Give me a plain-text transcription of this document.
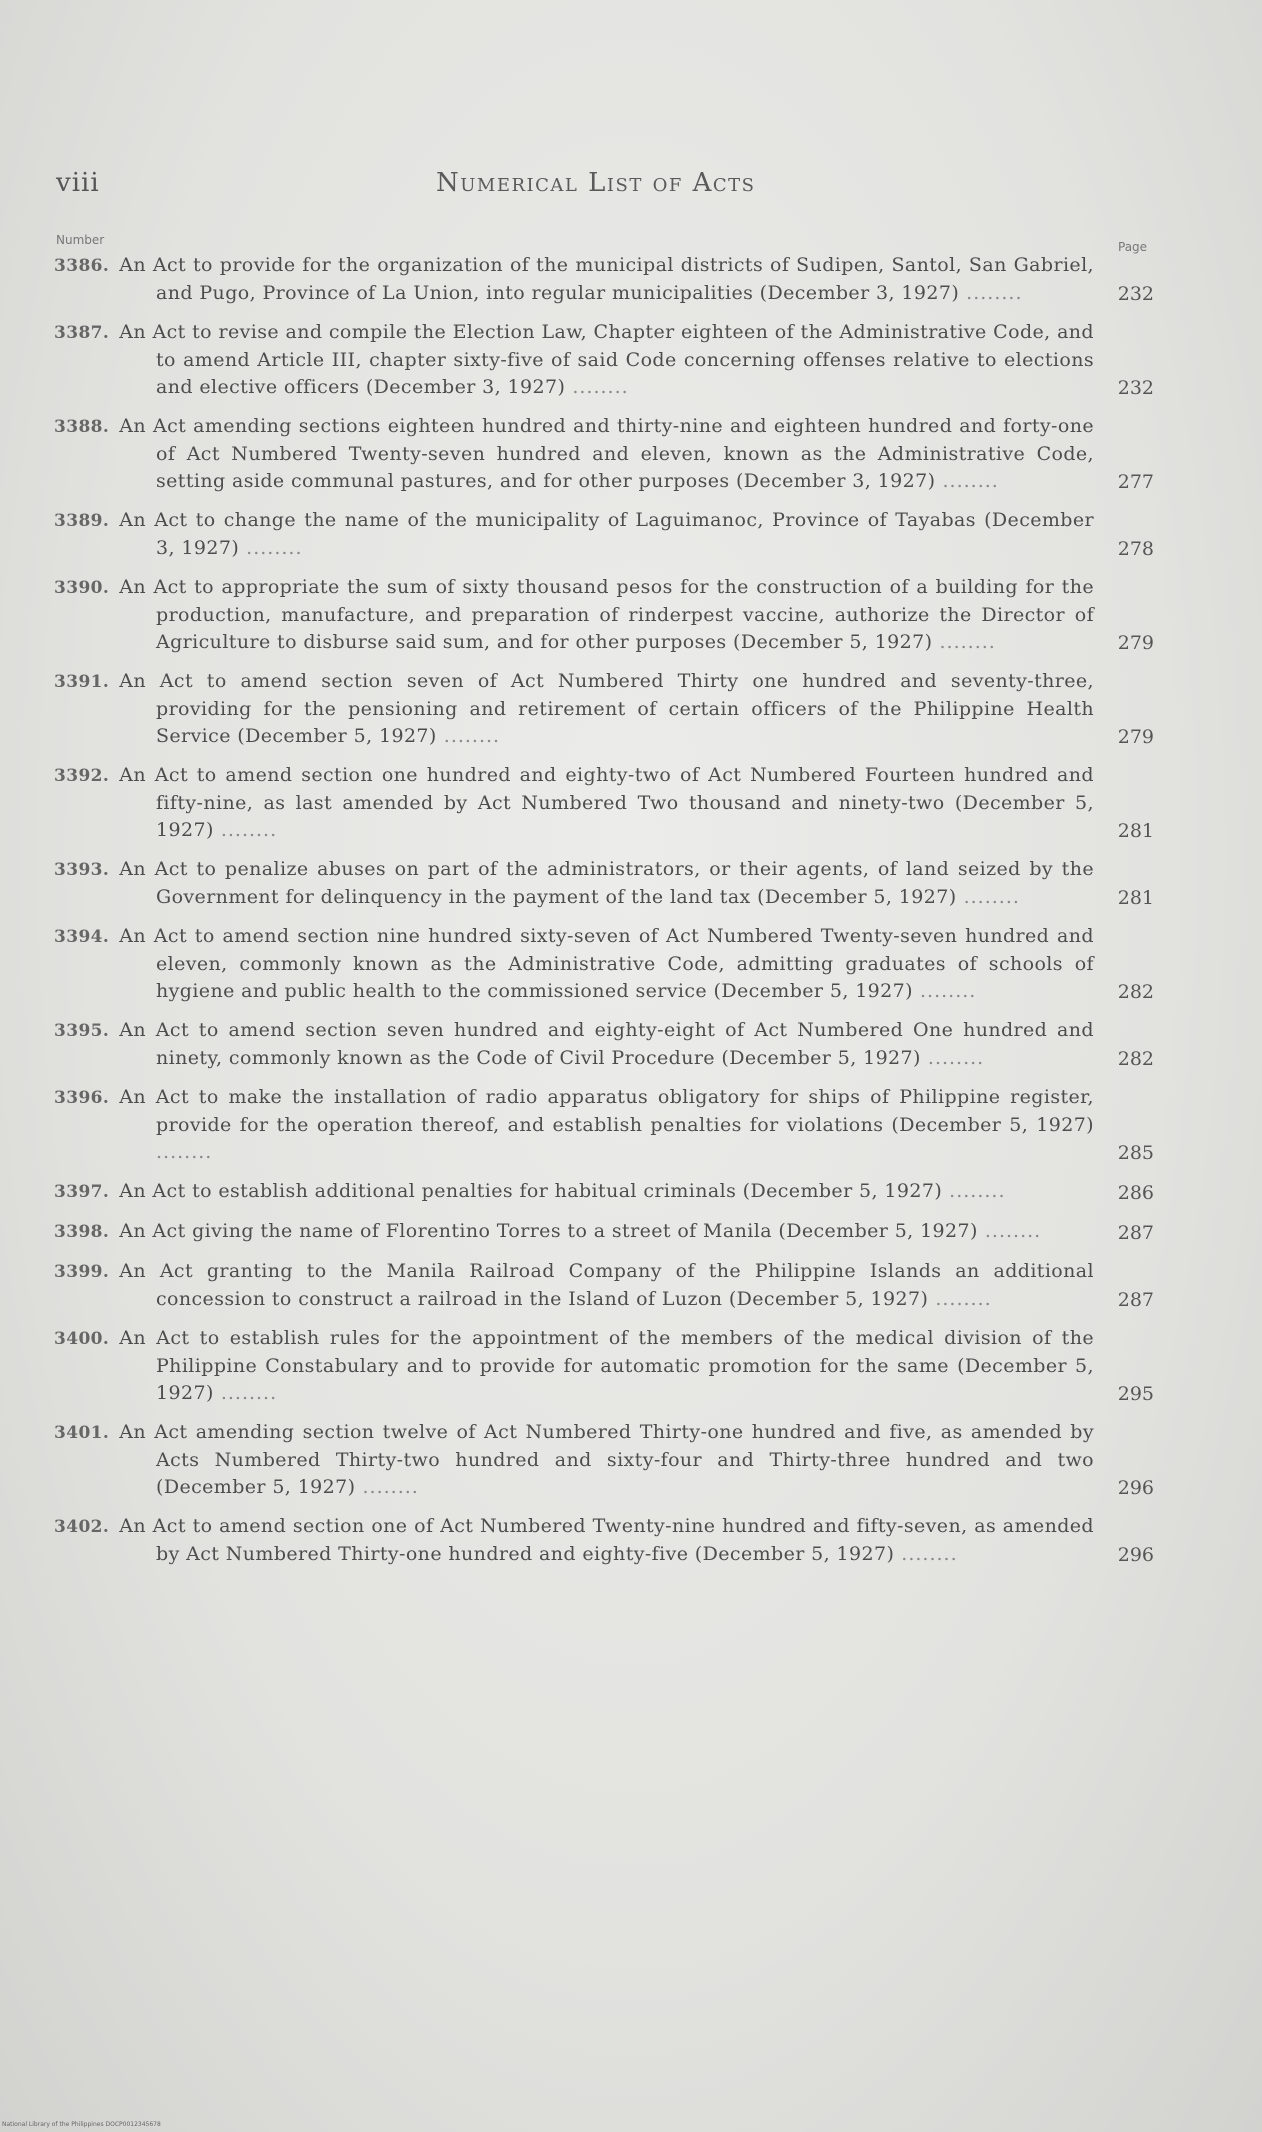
viii	Numerical List of Acts
Number	Page
3386. An Act to provide for the organization of the municipal districts of Sudipen, Santol, San Gabriel, and Pugo, Province of La Union, into regular municipalities (December 3, 1927) ........	232
3387. An Act to revise and compile the Election Law, Chapter eighteen of the Administrative Code, and to amend Article III, chapter sixty-five of said Code concerning offenses relative to elections and elective officers (December 3, 1927) ........	232
3388. An Act amending sections eighteen hundred and thirty-nine and eighteen hundred and forty-one of Act Numbered Twenty-seven hundred and eleven, known as the Administrative Code, setting aside communal pastures, and for other purposes (December 3, 1927) ........	277
3389. An Act to change the name of the municipality of Laguimanoc, Province of Tayabas (December 3, 1927) ........	278
3390. An Act to appropriate the sum of sixty thousand pesos for the construction of a building for the production, manufacture, and preparation of rinderpest vaccine, authorize the Director of Agriculture to disburse said sum, and for other purposes (December 5, 1927) ........	279
3391. An Act to amend section seven of Act Numbered Thirty one hundred and seventy-three, providing for the pensioning and retirement of certain officers of the Philippine Health Service (December 5, 1927) ........	279
3392. An Act to amend section one hundred and eighty-two of Act Numbered Fourteen hundred and fifty-nine, as last amended by Act Numbered Two thousand and ninety-two (December 5, 1927) ........	281
3393. An Act to penalize abuses on part of the administrators, or their agents, of land seized by the Government for delinquency in the payment of the land tax (December 5, 1927) ........	281
3394. An Act to amend section nine hundred sixty-seven of Act Numbered Twenty-seven hundred and eleven, commonly known as the Administrative Code, admitting graduates of schools of hygiene and public health to the commissioned service (December 5, 1927) ........	282
3395. An Act to amend section seven hundred and eighty-eight of Act Numbered One hundred and ninety, commonly known as the Code of Civil Procedure (December 5, 1927) ........	282
3396. An Act to make the installation of radio apparatus obligatory for ships of Philippine register, provide for the operation thereof, and establish penalties for violations (December 5, 1927) ........	285
3397. An Act to establish additional penalties for habitual criminals (December 5, 1927) ........	286
3398. An Act giving the name of Florentino Torres to a street of Manila (December 5, 1927) ........	287
3399. An Act granting to the Manila Railroad Company of the Philippine Islands an additional concession to construct a railroad in the Island of Luzon (December 5, 1927) ........	287
3400. An Act to establish rules for the appointment of the members of the medical division of the Philippine Constabulary and to provide for automatic promotion for the same (December 5, 1927) ........	295
3401. An Act amending section twelve of Act Numbered Thirty-one hundred and five, as amended by Acts Numbered Thirty-two hundred and sixty-four and Thirty-three hundred and two (December 5, 1927) ........	296
3402. An Act to amend section one of Act Numbered Twenty-nine hundred and fifty-seven, as amended by Act Numbered Thirty-one hundred and eighty-five (December 5, 1927) ........	296
National Library of the Philippines DOCP0012345678
